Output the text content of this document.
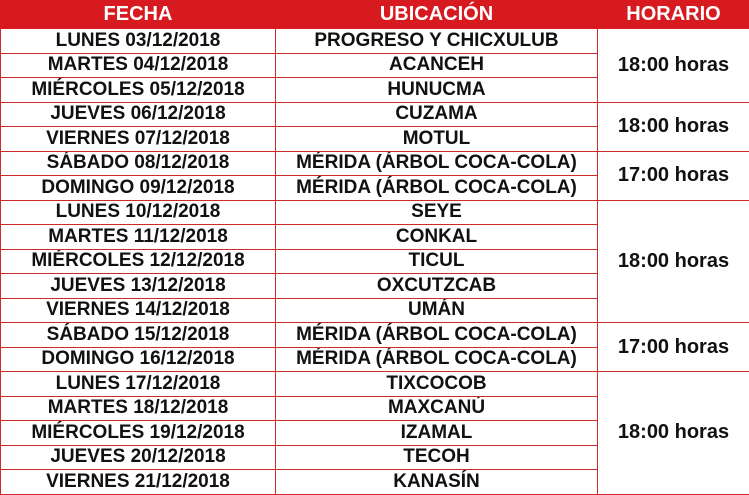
FECHA	UBICACIÓN	HORARIO
LUNES 03/12/2018	PROGRESO Y CHICXULUB	18:00 horas
MARTES 04/12/2018	ACANCEH	
MIÉRCOLES 05/12/2018	HUNUCMA	
JUEVES 06/12/2018	CUZAMA	18:00 horas
VIERNES 07/12/2018	MOTUL	
SÁBADO 08/12/2018	MÉRIDA (ÁRBOL COCA-COLA)	17:00 horas
DOMINGO 09/12/2018	MÉRIDA (ÁRBOL COCA-COLA)	
LUNES 10/12/2018	SEYE	18:00 horas
MARTES 11/12/2018	CONKAL	
MIÉRCOLES 12/12/2018	TICUL	
JUEVES 13/12/2018	OXCUTZCAB	
VIERNES 14/12/2018	UMÁN	
SÁBADO 15/12/2018	MÉRIDA (ÁRBOL COCA-COLA)	17:00 horas
DOMINGO 16/12/2018	MÉRIDA (ÁRBOL COCA-COLA)	
LUNES 17/12/2018	TIXCOCOB	18:00 horas
MARTES 18/12/2018	MAXCANÚ	
MIÉRCOLES 19/12/2018	IZAMAL	
JUEVES 20/12/2018	TECOH	
VIERNES 21/12/2018	KANASÍN	
